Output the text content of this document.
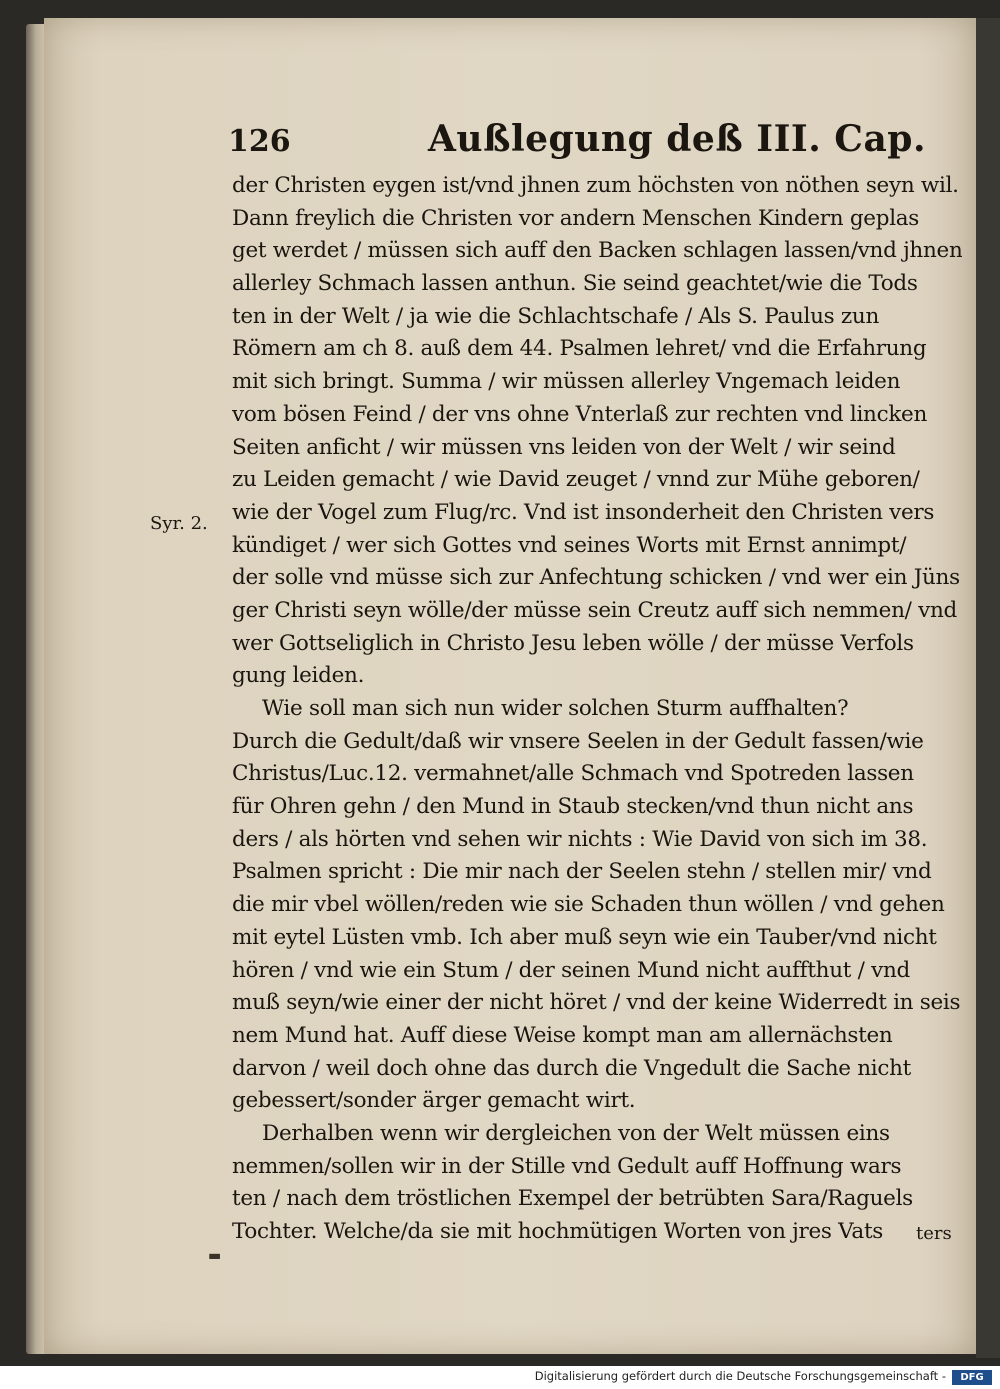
126	Außlegung deß III. Cap.
Syr. 2.
der Christen eygen ist/vnd jhnen zum höchsten von nöthen seyn wil.
Dann freylich die Christen vor andern Menschen Kindern geplas
get werdet / müssen sich auff den Backen schlagen lassen/vnd jhnen
allerley Schmach lassen anthun. Sie seind geachtet/wie die Tods
ten in der Welt / ja wie die Schlachtschafe / Als S. Paulus zun
Römern am ch 8. auß dem 44. Psalmen lehret/ vnd die Erfahrung
mit sich bringt. Summa / wir müssen allerley Vngemach leiden
vom bösen Feind / der vns ohne Vnterlaß zur rechten vnd lincken
Seiten anficht / wir müssen vns leiden von der Welt / wir seind
zu Leiden gemacht / wie David zeuget / vnnd zur Mühe geboren/
wie der Vogel zum Flug/rc. Vnd ist insonderheit den Christen vers
kündiget / wer sich Gottes vnd seines Worts mit Ernst annimpt/
der solle vnd müsse sich zur Anfechtung schicken / vnd wer ein Jüns
ger Christi seyn wölle/der müsse sein Creutz auff sich nemmen/ vnd
wer Gottseliglich in Christo Jesu leben wölle / der müsse Verfols
gung leiden.
Wie soll man sich nun wider solchen Sturm auffhalten?
Durch die Gedult/daß wir vnsere Seelen in der Gedult fassen/wie
Christus/Luc.12. vermahnet/alle Schmach vnd Spotreden lassen
für Ohren gehn / den Mund in Staub stecken/vnd thun nicht ans
ders / als hörten vnd sehen wir nichts : Wie David von sich im 38.
Psalmen spricht : Die mir nach der Seelen stehn / stellen mir/ vnd
die mir vbel wöllen/reden wie sie Schaden thun wöllen / vnd gehen
mit eytel Lüsten vmb. Ich aber muß seyn wie ein Tauber/vnd nicht
hören / vnd wie ein Stum / der seinen Mund nicht auffthut / vnd
muß seyn/wie einer der nicht höret / vnd der keine Widerredt in seis
nem Mund hat. Auff diese Weise kompt man am allernächsten
darvon / weil doch ohne das durch die Vngedult die Sache nicht
gebessert/sonder ärger gemacht wirt.
Derhalben wenn wir dergleichen von der Welt müssen eins
nemmen/sollen wir in der Stille vnd Gedult auff Hoffnung wars
ten / nach dem tröstlichen Exempel der betrübten Sara/Raguels
Tochter. Welche/da sie mit hochmütigen Worten von jres Vats	ters
▬
Digitalisierung gefördert durch die Deutsche Forschungsgemeinschaft -	DFG
